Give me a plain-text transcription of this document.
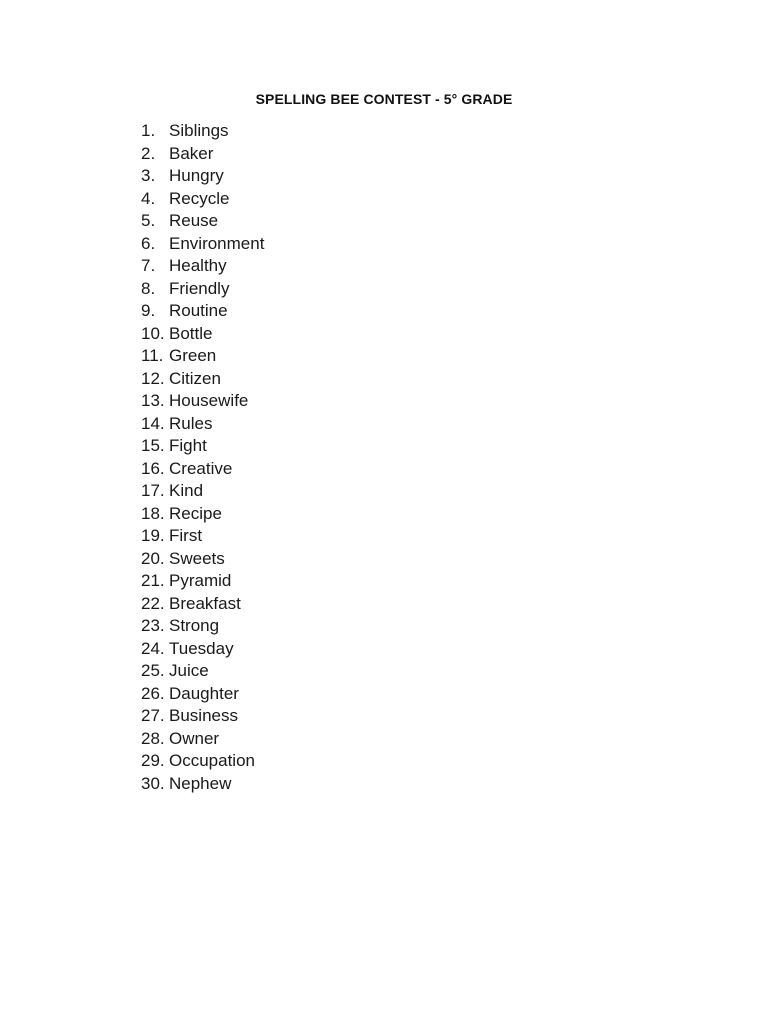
SPELLING BEE CONTEST - 5° GRADE
1. Siblings
2. Baker
3. Hungry
4. Recycle
5. Reuse
6. Environment
7. Healthy
8. Friendly
9. Routine
10. Bottle
11. Green
12. Citizen
13. Housewife
14. Rules
15. Fight
16. Creative
17. Kind
18. Recipe
19. First
20. Sweets
21. Pyramid
22. Breakfast
23. Strong
24. Tuesday
25. Juice
26. Daughter
27. Business
28. Owner
29. Occupation
30. Nephew
